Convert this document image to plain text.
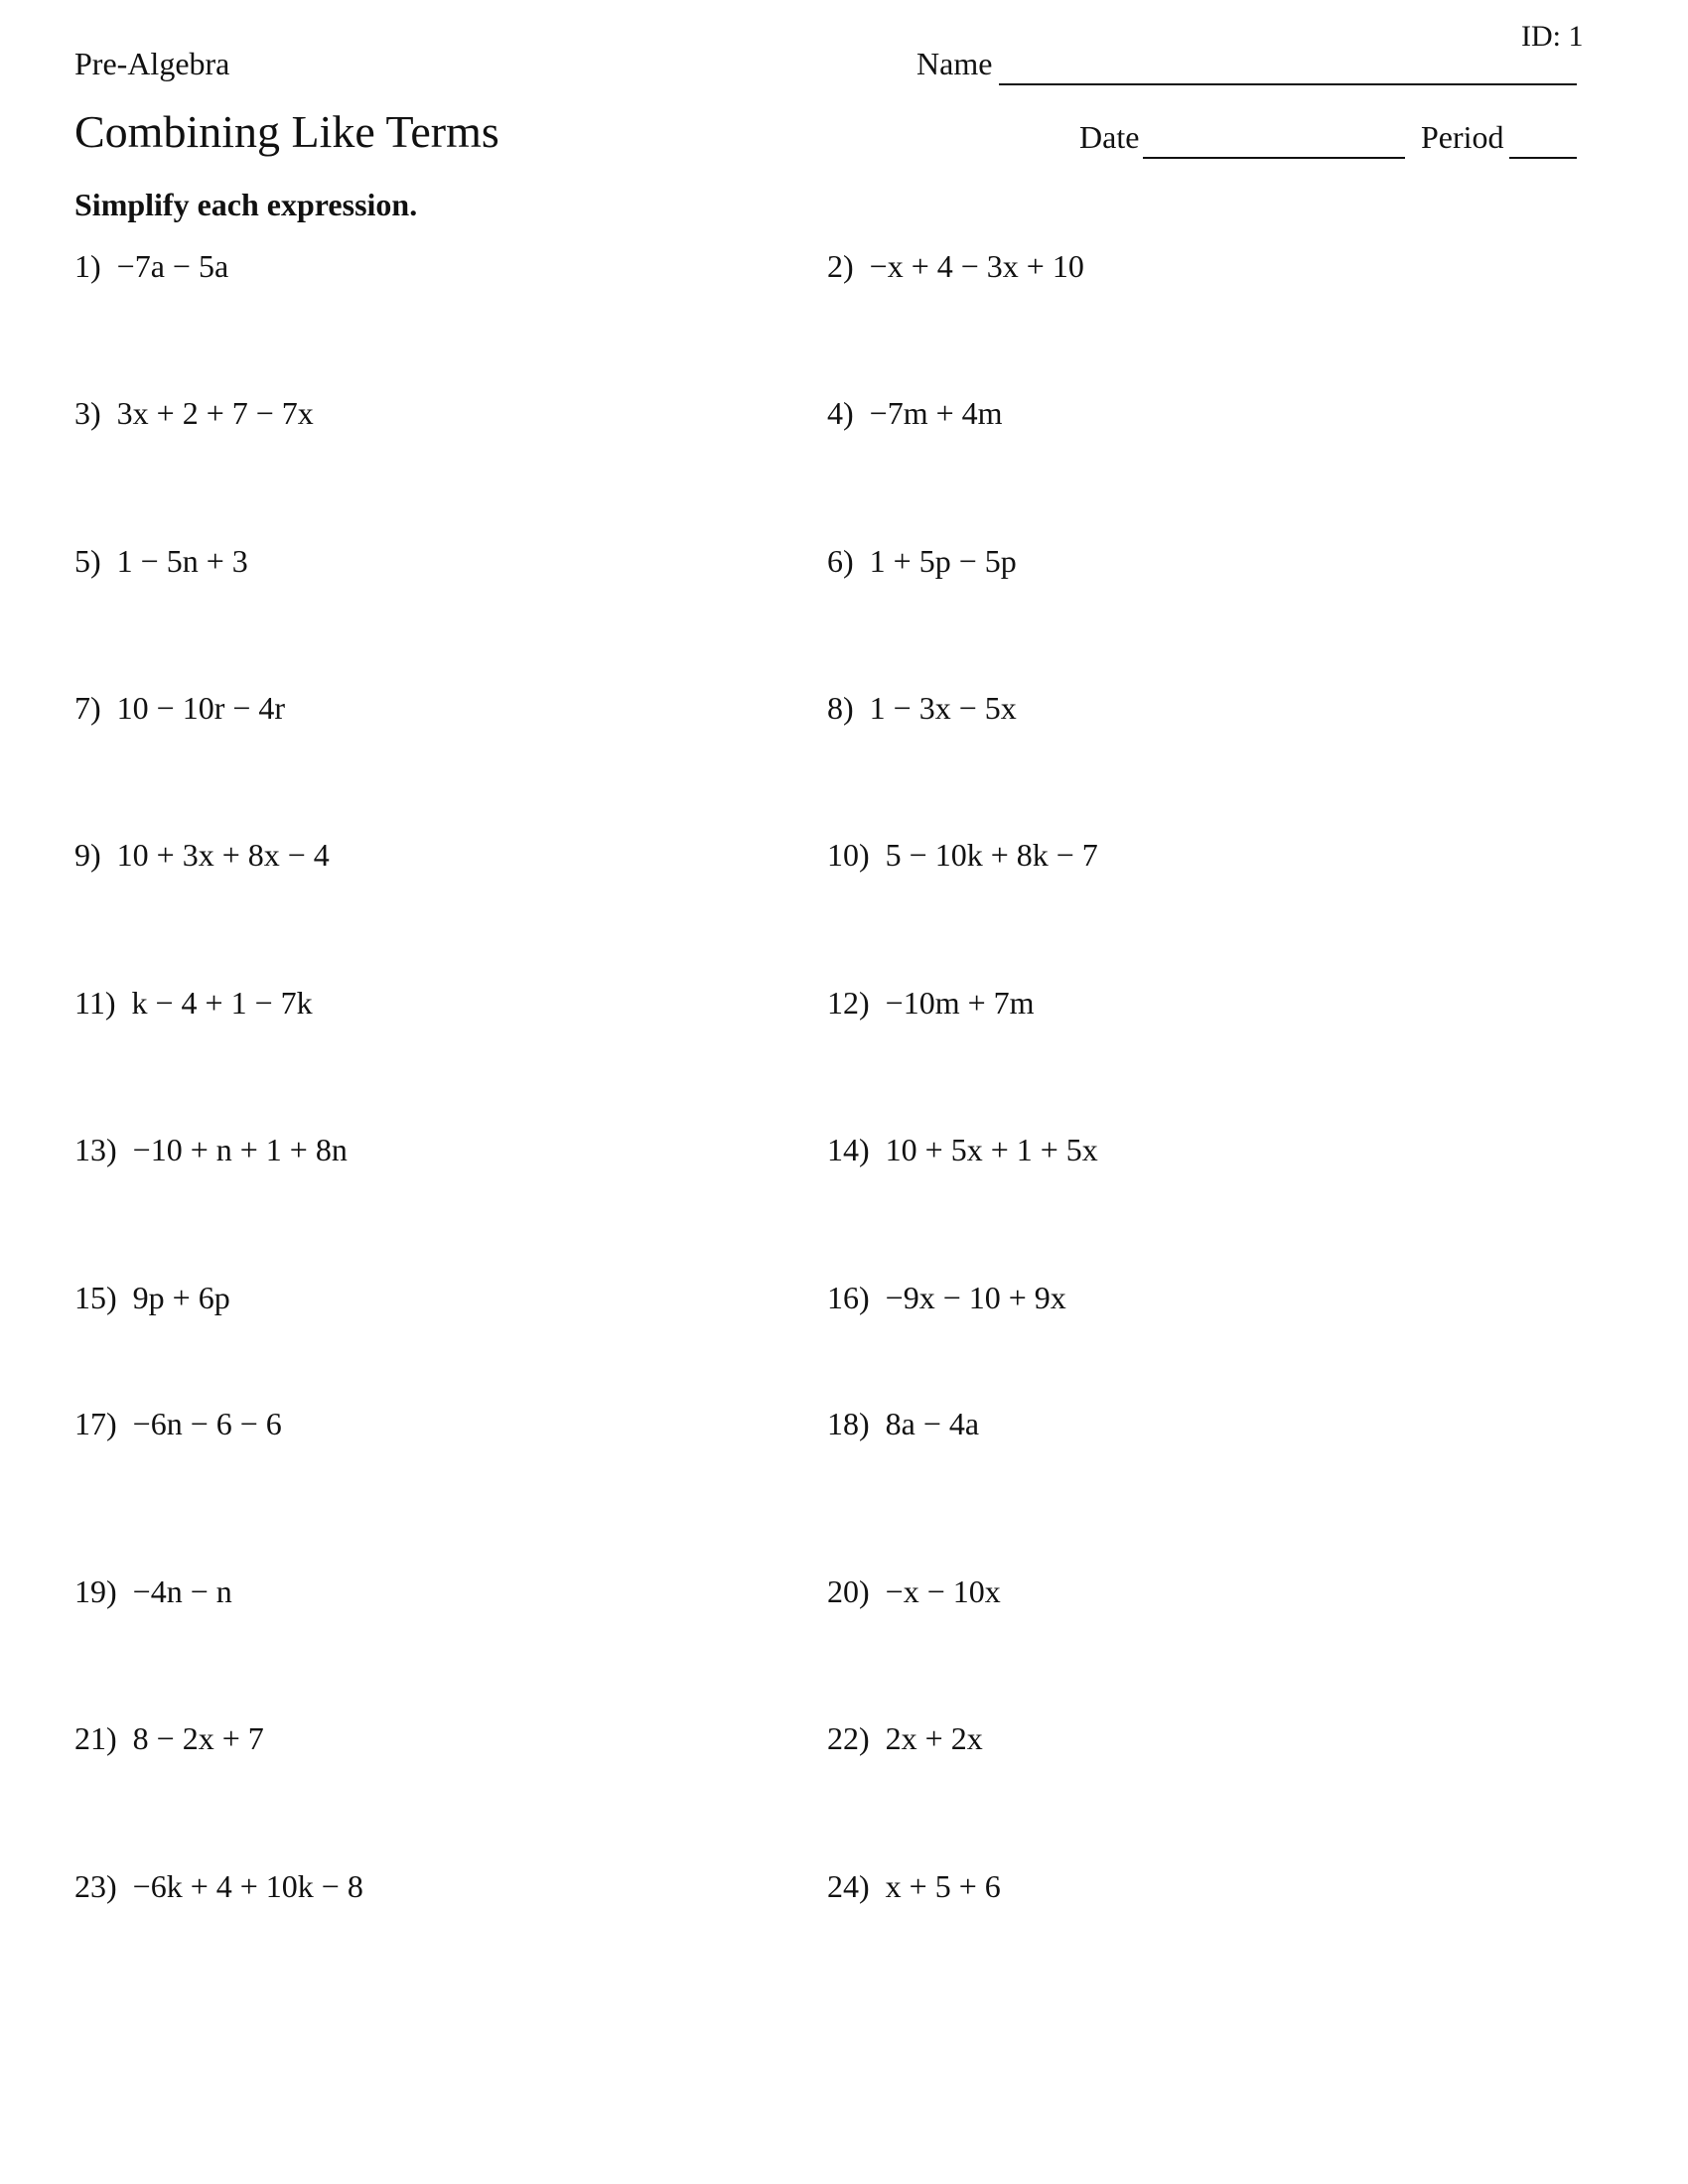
ID: 1
Pre-Algebra	Name
Combining Like Terms	Date	Period
Simplify each expression.
1) −7a − 5a	2) −x + 4 − 3x + 10
3) 3x + 2 + 7 − 7x	4) −7m + 4m
5) 1 − 5n + 3	6) 1 + 5p − 5p
7) 10 − 10r − 4r	8) 1 − 3x − 5x
9) 10 + 3x + 8x − 4	10) 5 − 10k + 8k − 7
11) k − 4 + 1 − 7k	12) −10m + 7m
13) −10 + n + 1 + 8n	14) 10 + 5x + 1 + 5x
15) 9p + 6p	16) −9x − 10 + 9x
17) −6n − 6 − 6	18) 8a − 4a
19) −4n − n	20) −x − 10x
21) 8 − 2x + 7	22) 2x + 2x
23) −6k + 4 + 10k − 8	24) x + 5 + 6
